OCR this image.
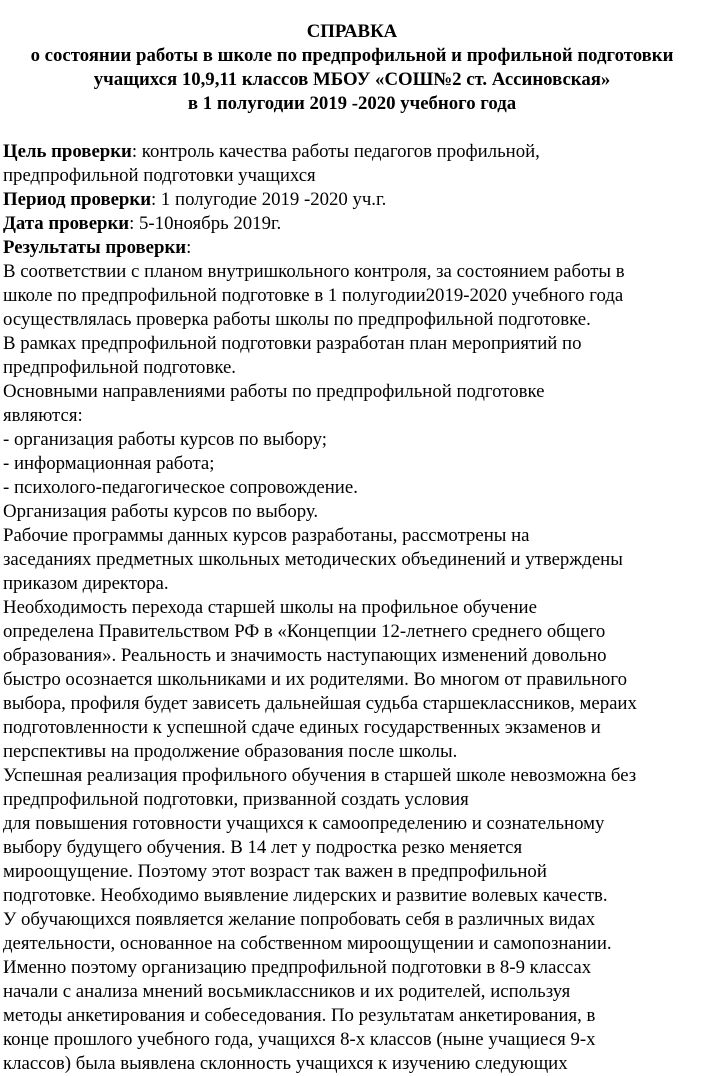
СПРАВКА

о состоянии работы в школе по предпрофильной и профильной подготовки

учащихся 10,9,11 классов МБОУ «СОШ№2 ст. Ассиновская»

в 1 полугодии 2019 -2020 учебного года

Цель проверки: контроль качества работы педагогов профильной,

предпрофильной подготовки учащихся

Период проверки: 1 полугодие 2019 -2020 уч.г.

Дата проверки: 5-10ноябрь 2019г.

Результаты проверки:

В соответствии с планом внутришкольного контроля, за состоянием работы в

школе по предпрофильной подготовке в 1 полугодии2019-2020 учебного года

осуществлялась проверка работы школы по предпрофильной подготовке.

В рамках предпрофильной подготовки разработан план мероприятий по

предпрофильной подготовке.

Основными направлениями работы по предпрофильной подготовке

являются:

- организация работы курсов по выбору;

- информационная работа;

- психолого-педагогическое сопровождение.

Организация работы курсов по выбору.

Рабочие программы данных курсов разработаны, рассмотрены на

заседаниях предметных школьных методических объединений и утверждены

приказом директора.

Необходимость перехода старшей школы на профильное обучение

определена Правительством РФ в «Концепции 12-летнего среднего общего

образования». Реальность и значимость наступающих изменений довольно

быстро осознается школьниками и их родителями. Во многом от правильного

выбора, профиля будет зависеть дальнейшая судьба старшеклассников, мераих

подготовленности к успешной сдаче единых государственных экзаменов и

перспективы на продолжение образования после школы.

Успешная реализация профильного обучения в старшей школе невозможна без

предпрофильной подготовки, призванной создать условия

для повышения готовности учащихся к самоопределению и сознательному

выбору будущего обучения. В 14 лет у подростка резко меняется

мироощущение. Поэтому этот возраст так важен в предпрофильной

подготовке. Необходимо выявление лидерских и развитие волевых качеств.

У обучающихся появляется желание попробовать себя в различных видах

деятельности, основанное на собственном мироощущении и самопознании.

Именно поэтому организацию предпрофильной подготовки в 8-9 классах

начали с анализа мнений восьмиклассников и их родителей, используя

методы анкетирования и собеседования. По результатам анкетирования, в

конце прошлого учебного года, учащихся 8-х классов (ныне учащиеся 9-х

классов) была выявлена склонность учащихся к изучению следующих
